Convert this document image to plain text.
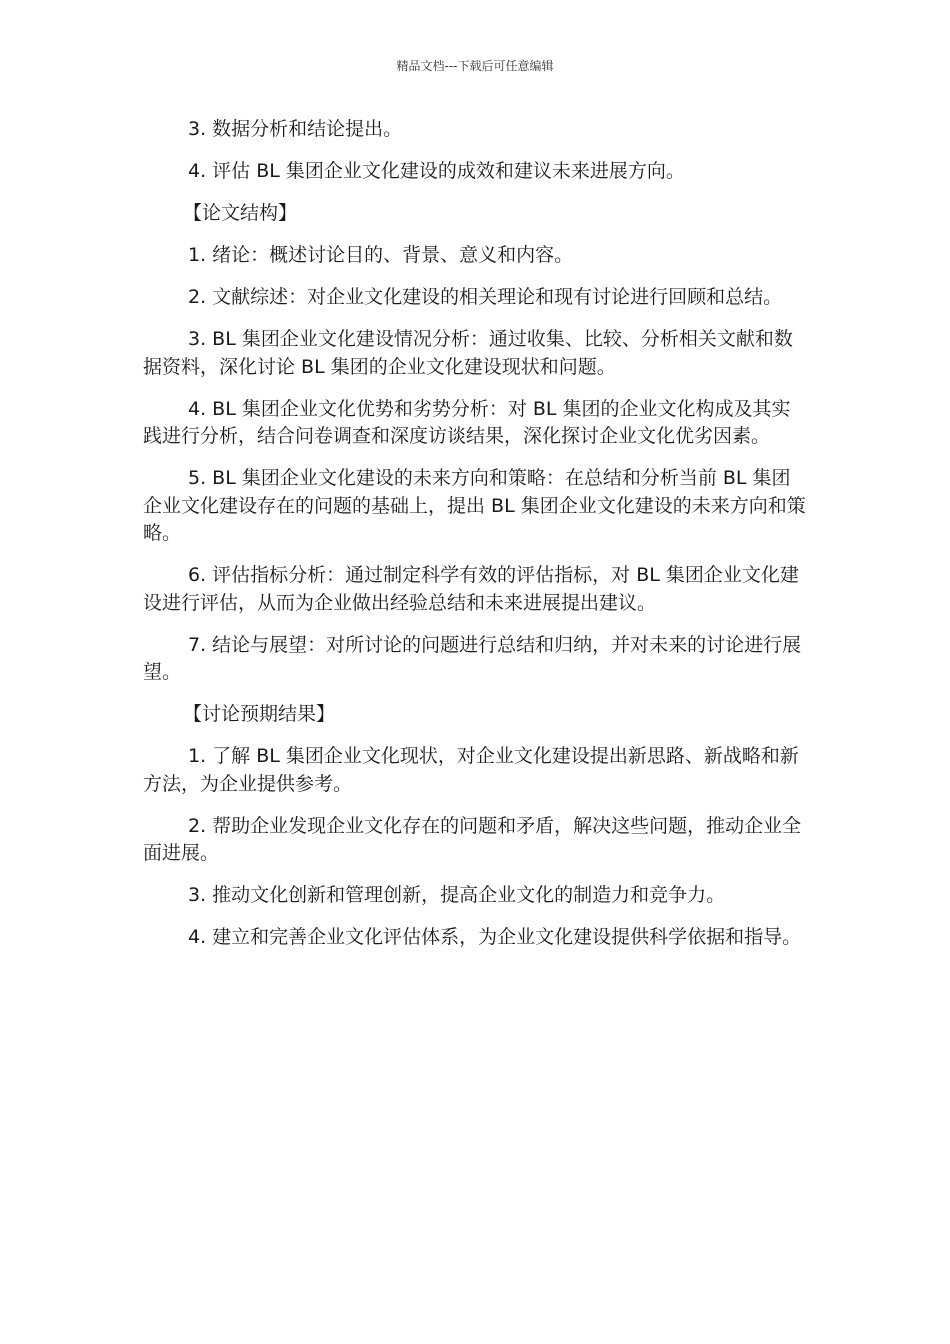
精品文档---下载后可任意编辑

3. 数据分析和结论提出。

4. 评估 BL 集团企业文化建设的成效和建议未来进展方向。

【论文结构】

1. 绪论：概述讨论目的、背景、意义和内容。

2. 文献综述：对企业文化建设的相关理论和现有讨论进行回顾和总结。

3. BL 集团企业文化建设情况分析：通过收集、比较、分析相关文献和数据资料，深化讨论 BL 集团的企业文化建设现状和问题。

4. BL 集团企业文化优势和劣势分析：对 BL 集团的企业文化构成及其实践进行分析，结合问卷调查和深度访谈结果，深化探讨企业文化优劣因素。

5. BL 集团企业文化建设的未来方向和策略：在总结和分析当前 BL 集团企业文化建设存在的问题的基础上，提出 BL 集团企业文化建设的未来方向和策略。

6. 评估指标分析：通过制定科学有效的评估指标，对 BL 集团企业文化建设进行评估，从而为企业做出经验总结和未来进展提出建议。

7. 结论与展望：对所讨论的问题进行总结和归纳，并对未来的讨论进行展望。

【讨论预期结果】

1. 了解 BL 集团企业文化现状，对企业文化建设提出新思路、新战略和新方法，为企业提供参考。

2. 帮助企业发现企业文化存在的问题和矛盾，解决这些问题，推动企业全面进展。

3. 推动文化创新和管理创新，提高企业文化的制造力和竞争力。

4. 建立和完善企业文化评估体系，为企业文化建设提供科学依据和指导。
